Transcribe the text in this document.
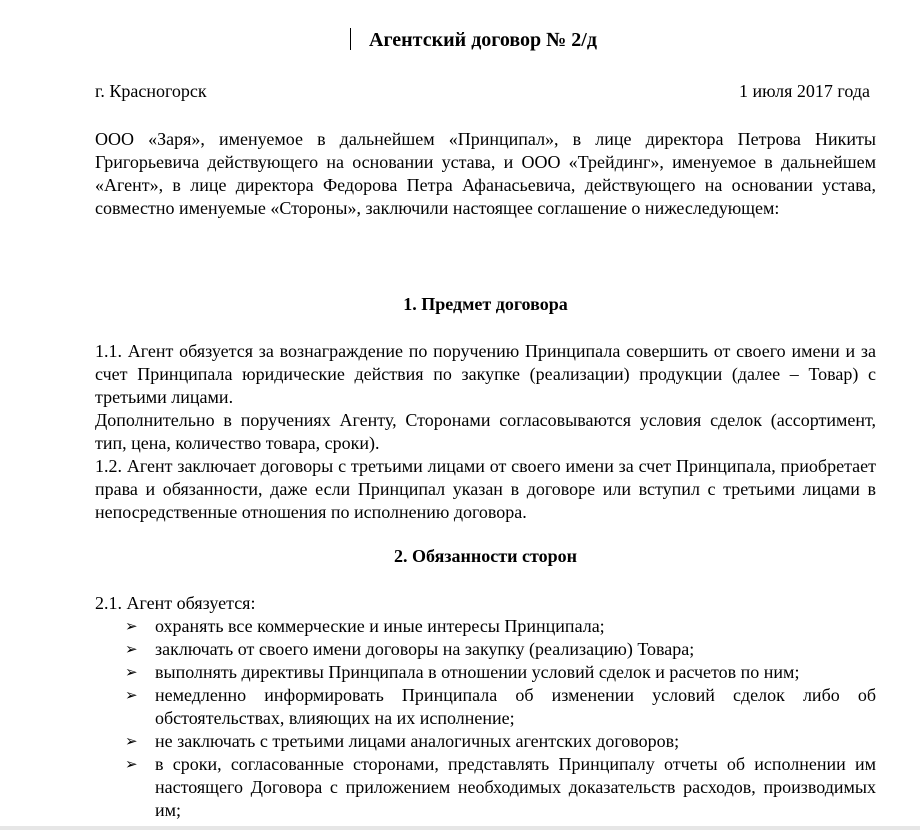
Агентский договор № 2/д
г. Красногорск	1 июля 2017 года

ООО «Заря», именуемое в дальнейшем «Принципал», в лице директора Петрова Никиты Григорьевича действующего на основании устава, и ООО «Трейдинг», именуемое в дальнейшем «Агент», в лице директора Федорова Петра Афанасьевича, действующего на основании устава, совместно именуемые «Стороны», заключили настоящее соглашение о нижеследующем:

1. Предмет договора

1.1. Агент обязуется за вознаграждение по поручению Принципала совершить от своего имени и за счет Принципала юридические действия по закупке (реализации) продукции (далее – Товар) с третьими лицами.

Дополнительно в поручениях Агенту, Сторонами согласовываются условия сделок (ассортимент, тип, цена, количество товара, сроки).

1.2. Агент заключает договоры с третьими лицами от своего имени за счет Принципала, приобретает права и обязанности, даже если Принципал указан в договоре или вступил с третьими лицами в непосредственные отношения по исполнению договора.

2. Обязанности сторон

2.1. Агент обязуется:

➢ охранять все коммерческие и иные интересы Принципала;
➢ заключать от своего имени договоры на закупку (реализацию) Товара;
➢ выполнять директивы Принципала в отношении условий сделок и расчетов по ним;
➢ немедленно информировать Принципала об изменении условий сделок либо об обстоятельствах, влияющих на их исполнение;
➢ не заключать с третьими лицами аналогичных агентских договоров;
➢ в сроки, согласованные сторонами, представлять Принципалу отчеты об исполнении им настоящего Договора с приложением необходимых доказательств расходов, производимых им;
